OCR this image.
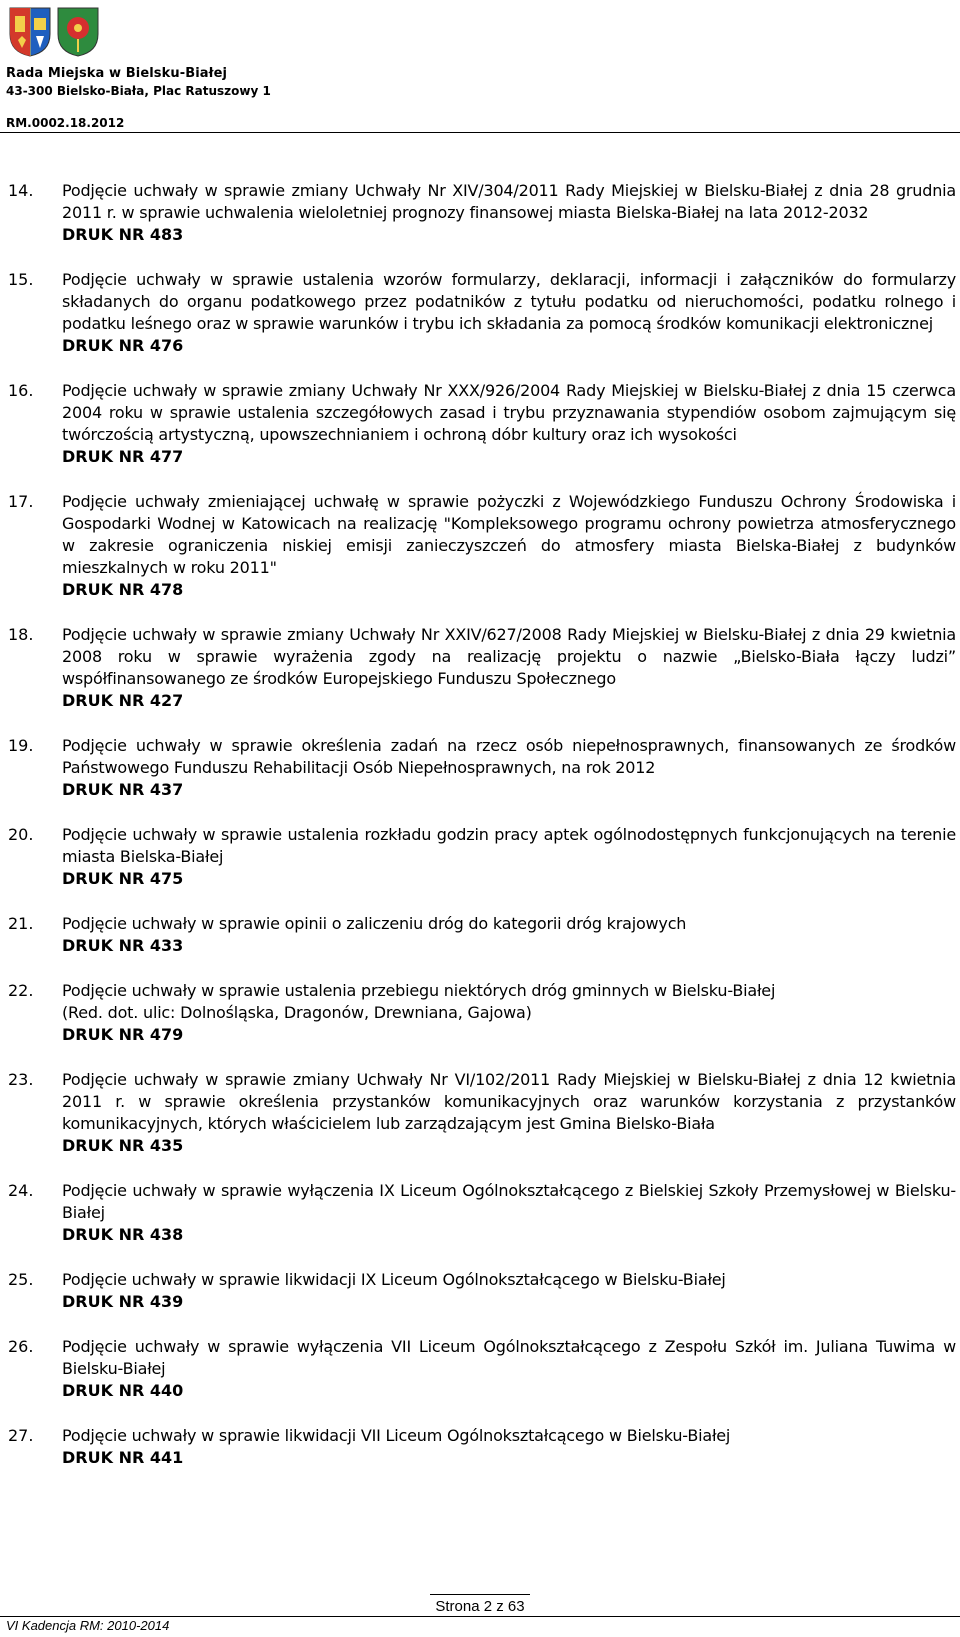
Rada Miejska w Bielsku-Białej
43-300 Bielsko-Biała, Plac Ratuszowy 1
RM.0002.18.2012
14.	Podjęcie uchwały w sprawie zmiany Uchwały Nr XIV/304/2011 Rady Miejskiej w Bielsku-Białej z dnia 28 grudnia 2011 r. w sprawie uchwalenia wieloletniej prognozy finansowej miasta Bielska-Białej na lata 2012-2032

DRUK NR 483

15.	Podjęcie uchwały w sprawie ustalenia wzorów formularzy, deklaracji, informacji i załączników do formularzy składanych do organu podatkowego przez podatników z tytułu podatku od nieruchomości, podatku rolnego i podatku leśnego oraz w sprawie warunków i trybu ich składania za pomocą środków komunikacji elektronicznej

DRUK NR 476

16.	Podjęcie uchwały w sprawie zmiany Uchwały Nr XXX/926/2004 Rady Miejskiej w Bielsku-Białej z dnia 15 czerwca 2004 roku w sprawie ustalenia szczegółowych zasad i trybu przyznawania stypendiów osobom zajmującym się twórczością artystyczną, upowszechnianiem i ochroną dóbr kultury oraz ich wysokości

DRUK NR 477

17.	Podjęcie uchwały zmieniającej uchwałę w sprawie pożyczki z Wojewódzkiego Funduszu Ochrony Środowiska i Gospodarki Wodnej w Katowicach na realizację "Kompleksowego programu ochrony powietrza atmosferycznego w zakresie ograniczenia niskiej emisji zanieczyszczeń do atmosfery miasta Bielska-Białej z budynków mieszkalnych w roku 2011"

DRUK NR 478

18.	Podjęcie uchwały w sprawie zmiany Uchwały Nr XXIV/627/2008 Rady Miejskiej w Bielsku-Białej z dnia 29 kwietnia 2008 roku w sprawie wyrażenia zgody na realizację projektu o nazwie „Bielsko-Biała łączy ludzi” współfinansowanego ze środków Europejskiego Funduszu Społecznego

DRUK NR 427

19.	Podjęcie uchwały w sprawie określenia zadań na rzecz osób niepełnosprawnych, finansowanych ze środków Państwowego Funduszu Rehabilitacji Osób Niepełnosprawnych, na rok 2012

DRUK NR 437

20.	Podjęcie uchwały w sprawie ustalenia rozkładu godzin pracy aptek ogólnodostępnych funkcjonujących na terenie miasta Bielska-Białej

DRUK NR 475

21.	Podjęcie uchwały w sprawie opinii o zaliczeniu dróg do kategorii dróg krajowych

DRUK NR 433

22.	Podjęcie uchwały w sprawie ustalenia przebiegu niektórych dróg gminnych w Bielsku-Białej

(Red. dot. ulic: Dolnośląska, Dragonów, Drewniana, Gajowa)

DRUK NR 479

23.	Podjęcie uchwały w sprawie zmiany Uchwały Nr VI/102/2011 Rady Miejskiej w Bielsku-Białej z dnia 12 kwietnia 2011 r. w sprawie określenia przystanków komunikacyjnych oraz warunków korzystania z przystanków komunikacyjnych, których właścicielem lub zarządzającym jest Gmina Bielsko-Biała

DRUK NR 435

24.	Podjęcie uchwały w sprawie wyłączenia IX Liceum Ogólnokształcącego z Bielskiej Szkoły Przemysłowej w Bielsku-Białej

DRUK NR 438

25.	Podjęcie uchwały w sprawie likwidacji IX Liceum Ogólnokształcącego w Bielsku-Białej

DRUK NR 439

26.	Podjęcie uchwały w sprawie wyłączenia VII Liceum Ogólnokształcącego z Zespołu Szkół im. Juliana Tuwima w Bielsku-Białej

DRUK NR 440

27.	Podjęcie uchwały w sprawie likwidacji VII Liceum Ogólnokształcącego w Bielsku-Białej

DRUK NR 441

Strona 2 z 63
VI Kadencja RM: 2010-2014
